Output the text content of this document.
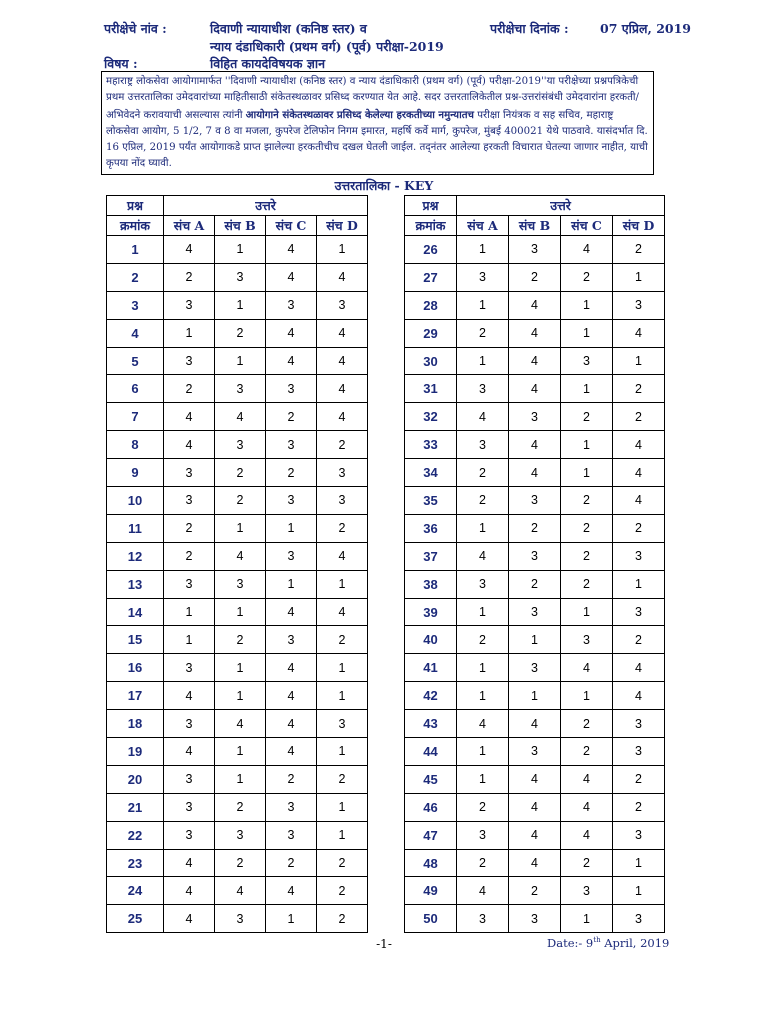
परीक्षेचे नांव :	दिवाणी न्यायाधीश (कनिष्ठ स्तर) व
न्याय दंडाधिकारी (प्रथम वर्ग) (पूर्व) परीक्षा-2019
परीक्षेचा दिनांक :	07 एप्रिल, 2019
विषय :	विहित कायदेविषयक ज्ञान
महाराष्ट्र लोकसेवा आयोगामार्फत ''दिवाणी न्यायाधीश (कनिष्ठ स्तर) व न्याय दंडाधिकारी (प्रथम वर्ग) (पूर्व) परीक्षा-2019''या परीक्षेच्या प्रश्नपत्रिकेची प्रथम उत्तरतालिका उमेदवारांच्या माहितीसाठी संकेतस्थळावर प्रसिध्द करण्यात येत आहे. सदर उत्तरतालिकेतील प्रश्न-उत्तरांसंबंधी उमेदवारांना हरकती/ अभिवेदने करावयाची असल्यास त्यांनी आयोगाने संकेतस्थळावर प्रसिध्द केलेल्या हरकतीच्या नमुन्यातच परीक्षा नियंत्रक व सह सचिव, महाराष्ट्र लोकसेवा आयोग, 5 1/2, 7 व 8 वा मजला, कुपरेज टेलिफोन निगम इमारत, महर्षि कर्वे मार्ग, कुपरेज, मुंबई 400021 येथे पाठवावे. यासंदर्भात दि. 16 एप्रिल, 2019 पर्यंत आयोगाकडे प्राप्त झालेल्या हरकतीचीच दखल घेतली जाईल. तद्नंतर आलेल्या हरकती विचारात घेतल्या जाणार नाहीत, याची कृपया नोंद घ्यावी.
उत्तरतालिका - KEY
प्रश्न	उत्तरे			
क्रमांक	संच A	संच B	संच C	संच D
1	4	1	4	1
2	2	3	4	4
3	3	1	3	3
4	1	2	4	4
5	3	1	4	4
6	2	3	3	4
7	4	4	2	4
8	4	3	3	2
9	3	2	2	3
10	3	2	3	3
11	2	1	1	2
12	2	4	3	4
13	3	3	1	1
14	1	1	4	4
15	1	2	3	2
16	3	1	4	1
17	4	1	4	1
18	3	4	4	3
19	4	1	4	1
20	3	1	2	2
21	3	2	3	1
22	3	3	3	1
23	4	2	2	2
24	4	4	4	2
25	4	3	1	2
प्रश्न	उत्तरे			
क्रमांक	संच A	संच B	संच C	संच D
26	1	3	4	2
27	3	2	2	1
28	1	4	1	3
29	2	4	1	4
30	1	4	3	1
31	3	4	1	2
32	4	3	2	2
33	3	4	1	4
34	2	4	1	4
35	2	3	2	4
36	1	2	2	2
37	4	3	2	3
38	3	2	2	1
39	1	3	1	3
40	2	1	3	2
41	1	3	4	4
42	1	1	1	4
43	4	4	2	3
44	1	3	2	3
45	1	4	4	2
46	2	4	4	2
47	3	4	4	3
48	2	4	2	1
49	4	2	3	1
50	3	3	1	3
-1-	Date:- 9th April, 2019
